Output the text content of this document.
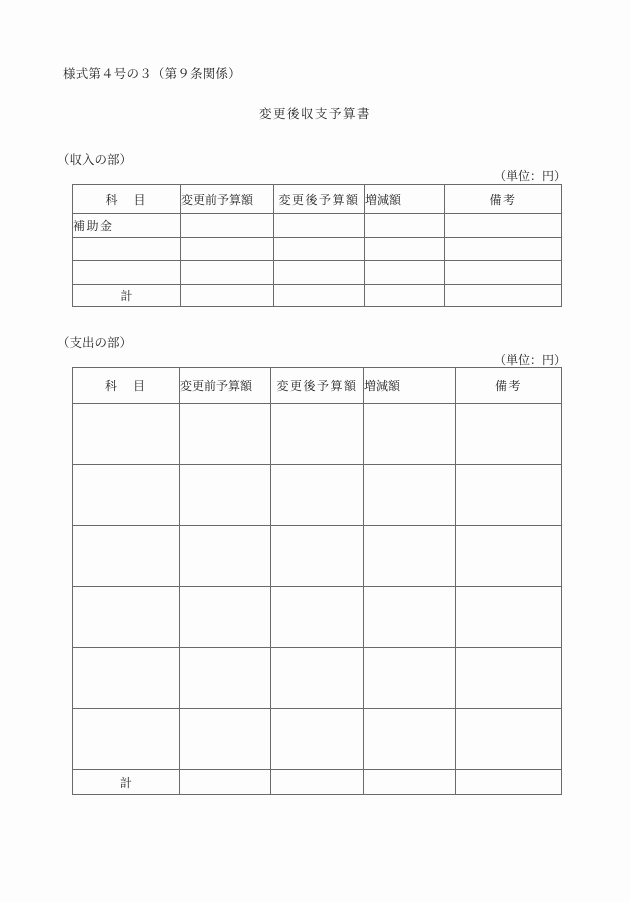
様式第４号の３（第９条関係）
変更後収支予算書
（収入の部）
（単位：円）
科　目	変更前予算額	変更後予算額	増減額	備考
補助金				

計				
（支出の部）
（単位：円）
科　目	変更前予算額	変更後予算額	増減額	備考

計				
